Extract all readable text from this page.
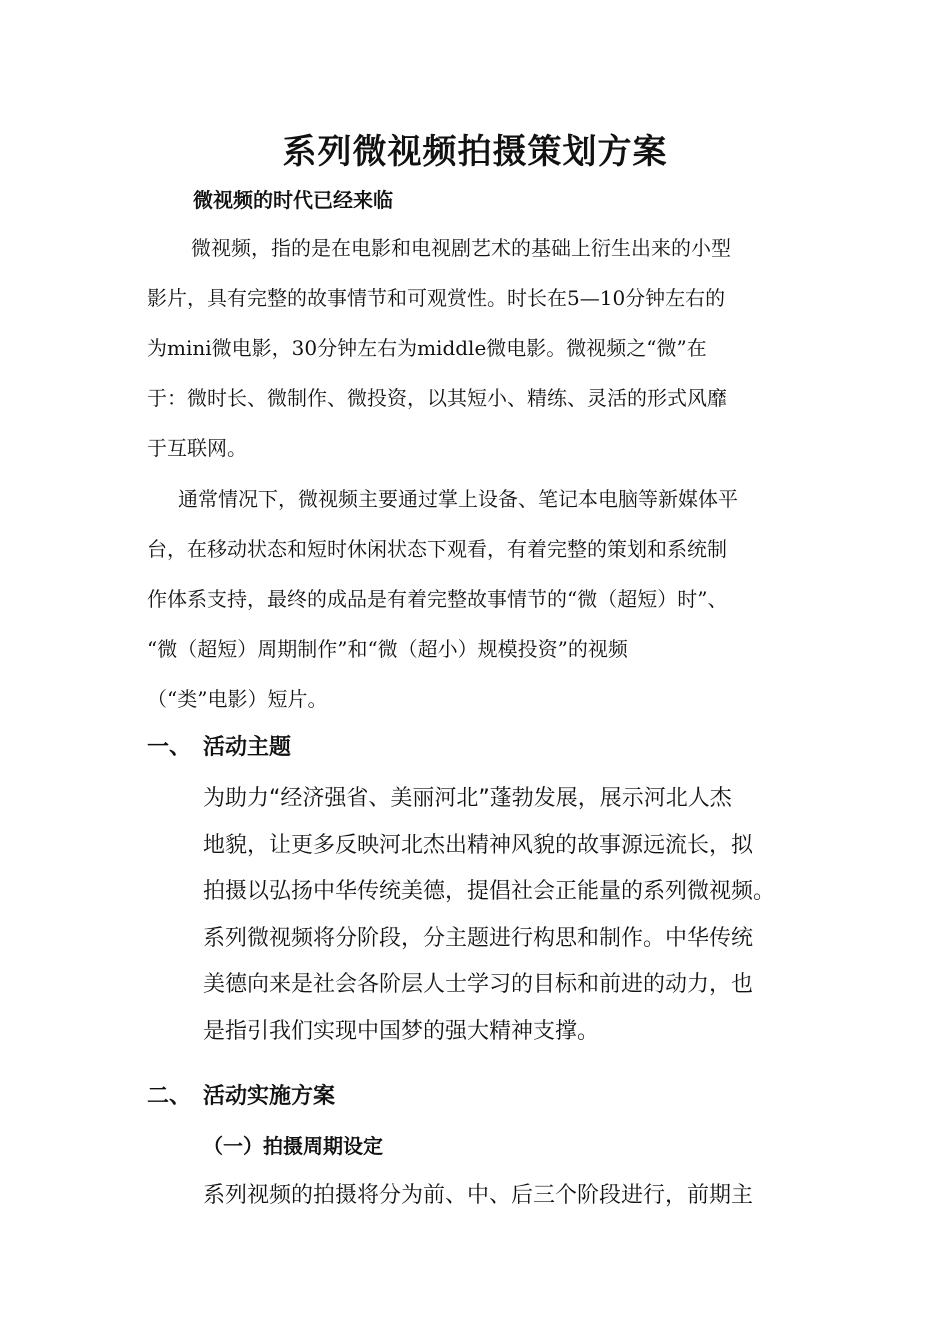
系列微视频拍摄策划方案
微视频的时代已经来临
微视频，指的是在电影和电视剧艺术的基础上衍生出来的小型
影片，具有完整的故事情节和可观赏性。时长在5—10分钟左右的
为mini微电影，30分钟左右为middle微电影。微视频之“微”在
于：微时长、微制作、微投资，以其短小、精练、灵活的形式风靡
于互联网。
通常情况下，微视频主要通过掌上设备、笔记本电脑等新媒体平
台，在移动状态和短时休闲状态下观看，有着完整的策划和系统制
作体系支持，最终的成品是有着完整故事情节的“微（超短）时”、
“微（超短）周期制作”和“微（超小）规模投资”的视频
（“类”电影）短片。
一、 活动主题
为助力“经济强省、美丽河北”蓬勃发展，展示河北人杰
地貌，让更多反映河北杰出精神风貌的故事源远流长，拟
拍摄以弘扬中华传统美德，提倡社会正能量的系列微视频。
系列微视频将分阶段，分主题进行构思和制作。中华传统
美德向来是社会各阶层人士学习的目标和前进的动力，也
是指引我们实现中国梦的强大精神支撑。
二、 活动实施方案
（一）拍摄周期设定
系列视频的拍摄将分为前、中、后三个阶段进行，前期主
